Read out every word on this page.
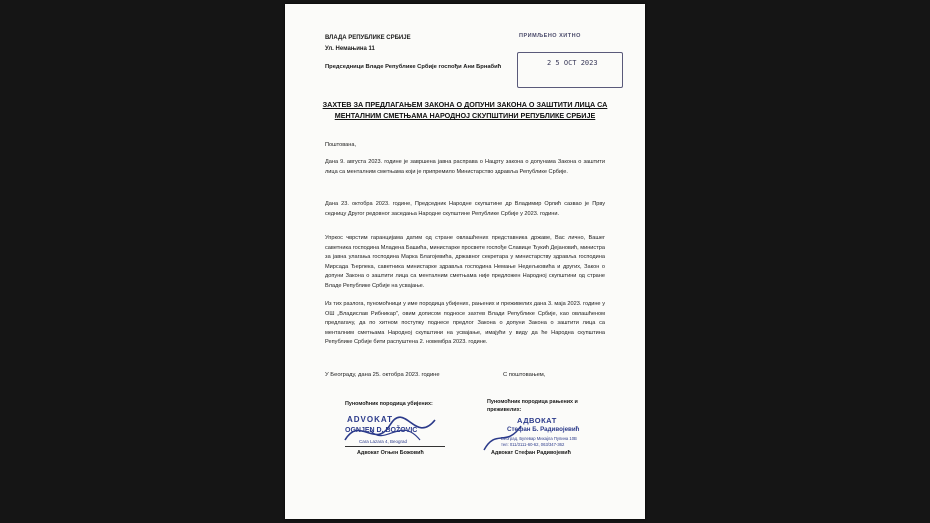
ВЛАДА РЕПУБЛИКЕ СРБИЈЕ
Ул. Немањина 11
Председници Владе Републике Србије госпођи Ани Брнабић
ПРИМЉЕНО ХИТНО
2 5 OCT 2023
ЗАХТЕВ ЗА ПРЕДЛАГАЊЕМ ЗАКОНА О ДОПУНИ ЗАКОНА О ЗАШТИТИ ЛИЦА СА
МЕНТАЛНИМ СМЕТЊАМА НАРОДНОЈ СКУПШТИНИ РЕПУБЛИКЕ СРБИЈЕ
Поштована,
Дана 9. августа 2023. године је завршена јавна расправа о Нацрту закона о допунама Закона о заштити лица са менталним сметњама који је припремило Министарство здравља Републике Србије.
Дана 23. октобра 2023. године, Председник Народне скупштине др Владимир Орлић сазвао је Прву седницу Другог редовног заседања Народне скупштине Републике Србије у 2023. години.
Упркос чврстим гаранцијама датим од стране овлашћених представника државе, Вас лично, Вашег саветника господина Младена Башића, министарке просвете госпође Славице Ђукић Дејановић, министра за јавна улагања господина Марка Благојевића, државног секретара у министарству здравља господина Мирсада Ђерлека, саветника министарке здравља господина Немање Недељковића и других, Закон о допуни Закона о заштити лица са менталним сметњама није предложен Народној скупштини од стране Владе Републике Србије на усвајање.
Из тих разлога, пуномоћници у име породица убијених, рањених и преживелих дана 3. маја 2023. године у ОШ „Владислав Рибникар", овим дописом подносе захтев Влади Републике Србије, као овлашћеном предлагачу, да по хитном поступку поднесе предлог Закона о допуни Закона о заштити лица са менталним сметњама Народној скупштини на усвајање, имајући у виду да ће Народна скупштина Републике Србије бити распуштена 2. новембра 2023. године.
У Београду, дана 25. октобра 2023. године	С поштовањем,
Пуномоћник породица убијених:
ADVOKAT
OGNJEN D. BOŽOVIĆ
Cara Lazara 4, Beograd
Адвокат Огњен Божовић
Пуномоћник породица рањених и
преживелих:
АДВОКАТ
Стефан Б. Радивојевић
Београд, Булевар Михајла Пупина 10В
тел: 011/3111-60-62, 063/347-362
Адвокат Стефан Радивојевић
